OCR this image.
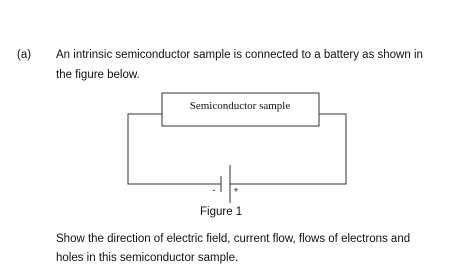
(a) An intrinsic semiconductor sample is connected to a battery as shown in
the figure below.
Semiconductor sample
- +
Figure 1
Show the direction of electric field, current flow, flows of electrons and
holes in this semiconductor sample.
